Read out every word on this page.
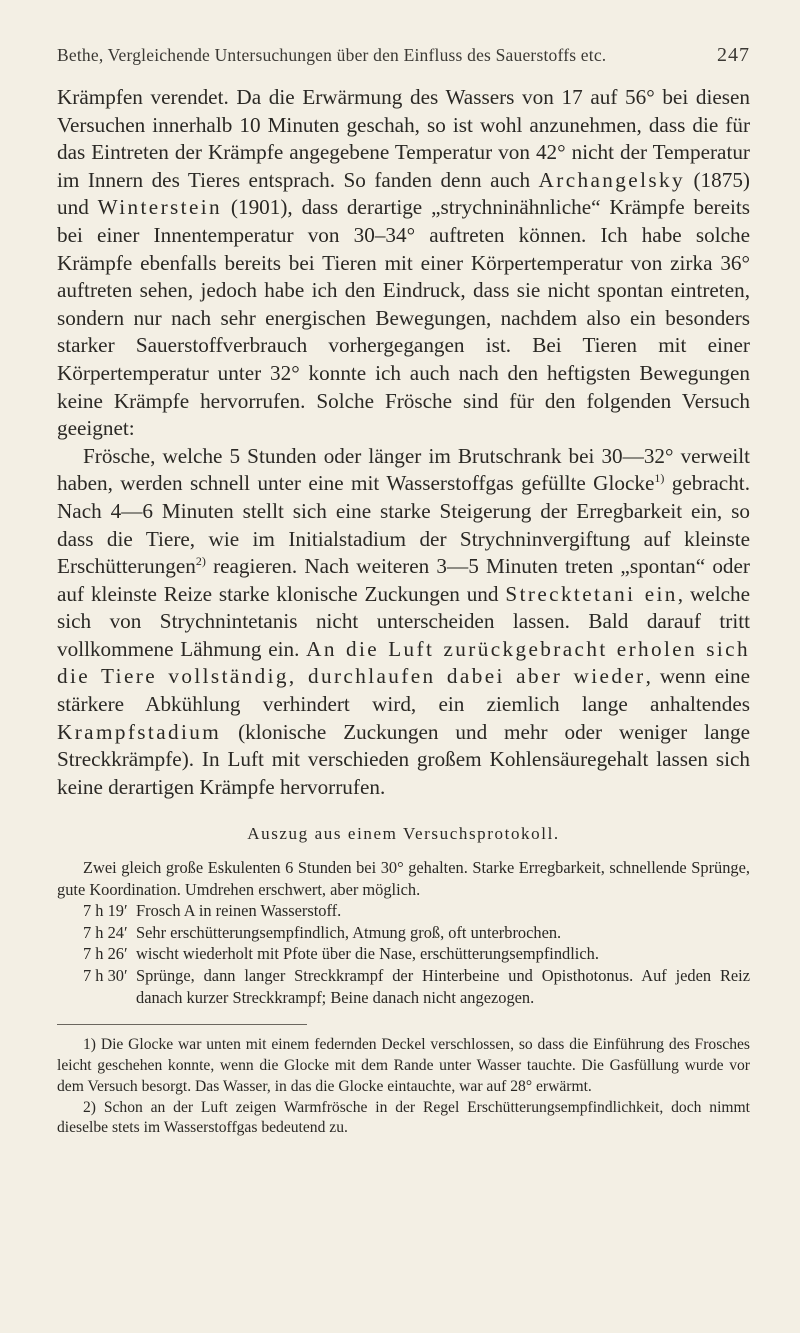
Bethe, Vergleichende Untersuchungen über den Einfluss des Sauerstoffs etc.	247

Krämpfen verendet. Da die Erwärmung des Wassers von 17 auf 56° bei diesen Versuchen innerhalb 10 Minuten geschah, so ist wohl anzunehmen, dass die für das Eintreten der Krämpfe angegebene Temperatur von 42° nicht der Temperatur im Innern des Tieres entsprach. So fanden denn auch Archangelsky (1875) und Winterstein (1901), dass derartige „strychninähnliche“ Krämpfe bereits bei einer Innentemperatur von 30–34° auftreten können. Ich habe solche Krämpfe ebenfalls bereits bei Tieren mit einer Körpertemperatur von zirka 36° auftreten sehen, jedoch habe ich den Eindruck, dass sie nicht spontan eintreten, sondern nur nach sehr energischen Bewegungen, nachdem also ein besonders starker Sauerstoffverbrauch vorhergegangen ist. Bei Tieren mit einer Körpertemperatur unter 32° konnte ich auch nach den heftigsten Bewegungen keine Krämpfe hervorrufen. Solche Frösche sind für den folgenden Versuch geeignet:

Frösche, welche 5 Stunden oder länger im Brutschrank bei 30—32° verweilt haben, werden schnell unter eine mit Wasserstoffgas gefüllte Glocke$^{1)}$ gebracht. Nach 4—6 Minuten stellt sich eine starke Steigerung der Erregbarkeit ein, so dass die Tiere, wie im Initialstadium der Strychninvergiftung auf kleinste Erschütterungen$^{2)}$ reagieren. Nach weiteren 3—5 Minuten treten „spontan“ oder auf kleinste Reize starke klonische Zuckungen und Strecktetani ein, welche sich von Strychnintetanis nicht unterscheiden lassen. Bald darauf tritt vollkommene Lähmung ein. An die Luft zurückgebracht erholen sich die Tiere vollständig, durchlaufen dabei aber wieder, wenn eine stärkere Abkühlung verhindert wird, ein ziemlich lange anhaltendes Krampfstadium (klonische Zuckungen und mehr oder weniger lange Streckkrämpfe). In Luft mit verschieden großem Kohlensäuregehalt lassen sich keine derartigen Krämpfe hervorrufen.

Auszug aus einem Versuchsprotokoll.

Zwei gleich große Eskulenten 6 Stunden bei 30° gehalten. Starke Erregbarkeit, schnellende Sprünge, gute Koordination. Umdrehen erschwert, aber möglich.

7 h 19′ Frosch A in reinen Wasserstoff.
7 h 24′ Sehr erschütterungsempfindlich, Atmung groß, oft unterbrochen.
7 h 26′ wischt wiederholt mit Pfote über die Nase, erschütterungsempfindlich.
7 h 30′ Sprünge, dann langer Streckkrampf der Hinterbeine und Opisthotonus. Auf jeden Reiz danach kurzer Streckkrampf; Beine danach nicht angezogen.

1) Die Glocke war unten mit einem federnden Deckel verschlossen, so dass die Einführung des Frosches leicht geschehen konnte, wenn die Glocke mit dem Rande unter Wasser tauchte. Die Gasfüllung wurde vor dem Versuch besorgt. Das Wasser, in das die Glocke eintauchte, war auf 28° erwärmt.

2) Schon an der Luft zeigen Warmfrösche in der Regel Erschütterungsempfindlichkeit, doch nimmt dieselbe stets im Wasserstoffgas bedeutend zu.
